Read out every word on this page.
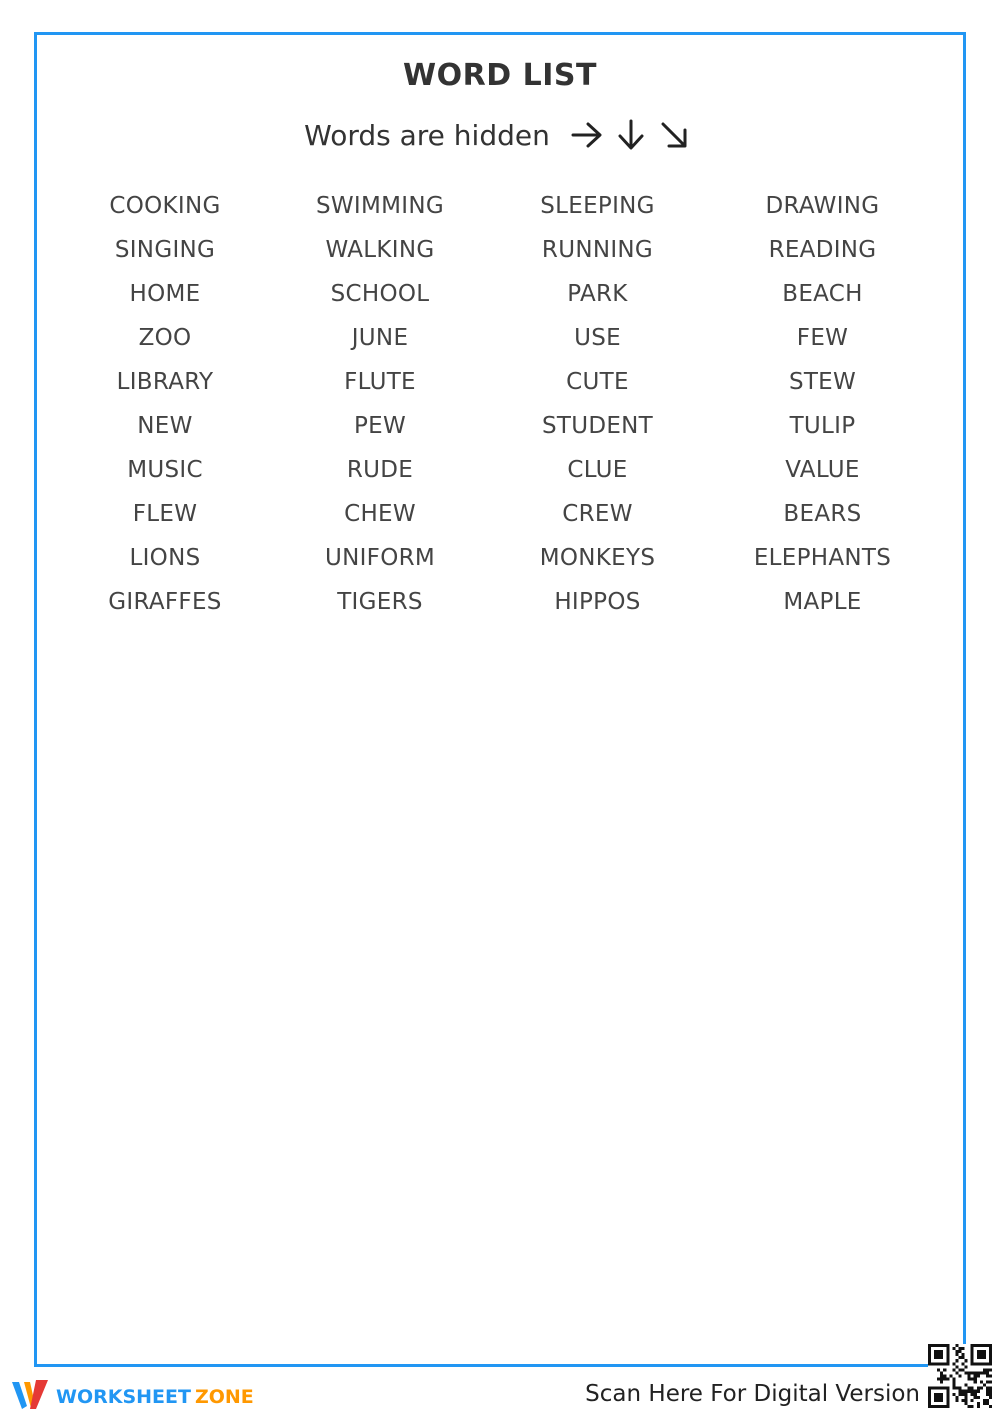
WORD LIST
Words are hidden
COOKING	SWIMMING	SLEEPING	DRAWING
SINGING	WALKING	RUNNING	READING
HOME	SCHOOL	PARK	BEACH
ZOO	JUNE	USE	FEW
LIBRARY	FLUTE	CUTE	STEW
NEW	PEW	STUDENT	TULIP
MUSIC	RUDE	CLUE	VALUE
FLEW	CHEW	CREW	BEARS
LIONS	UNIFORM	MONKEYS	ELEPHANTS
GIRAFFES	TIGERS	HIPPOS	MAPLE
WORKSHEET ZONE	Scan Here For Digital Version
